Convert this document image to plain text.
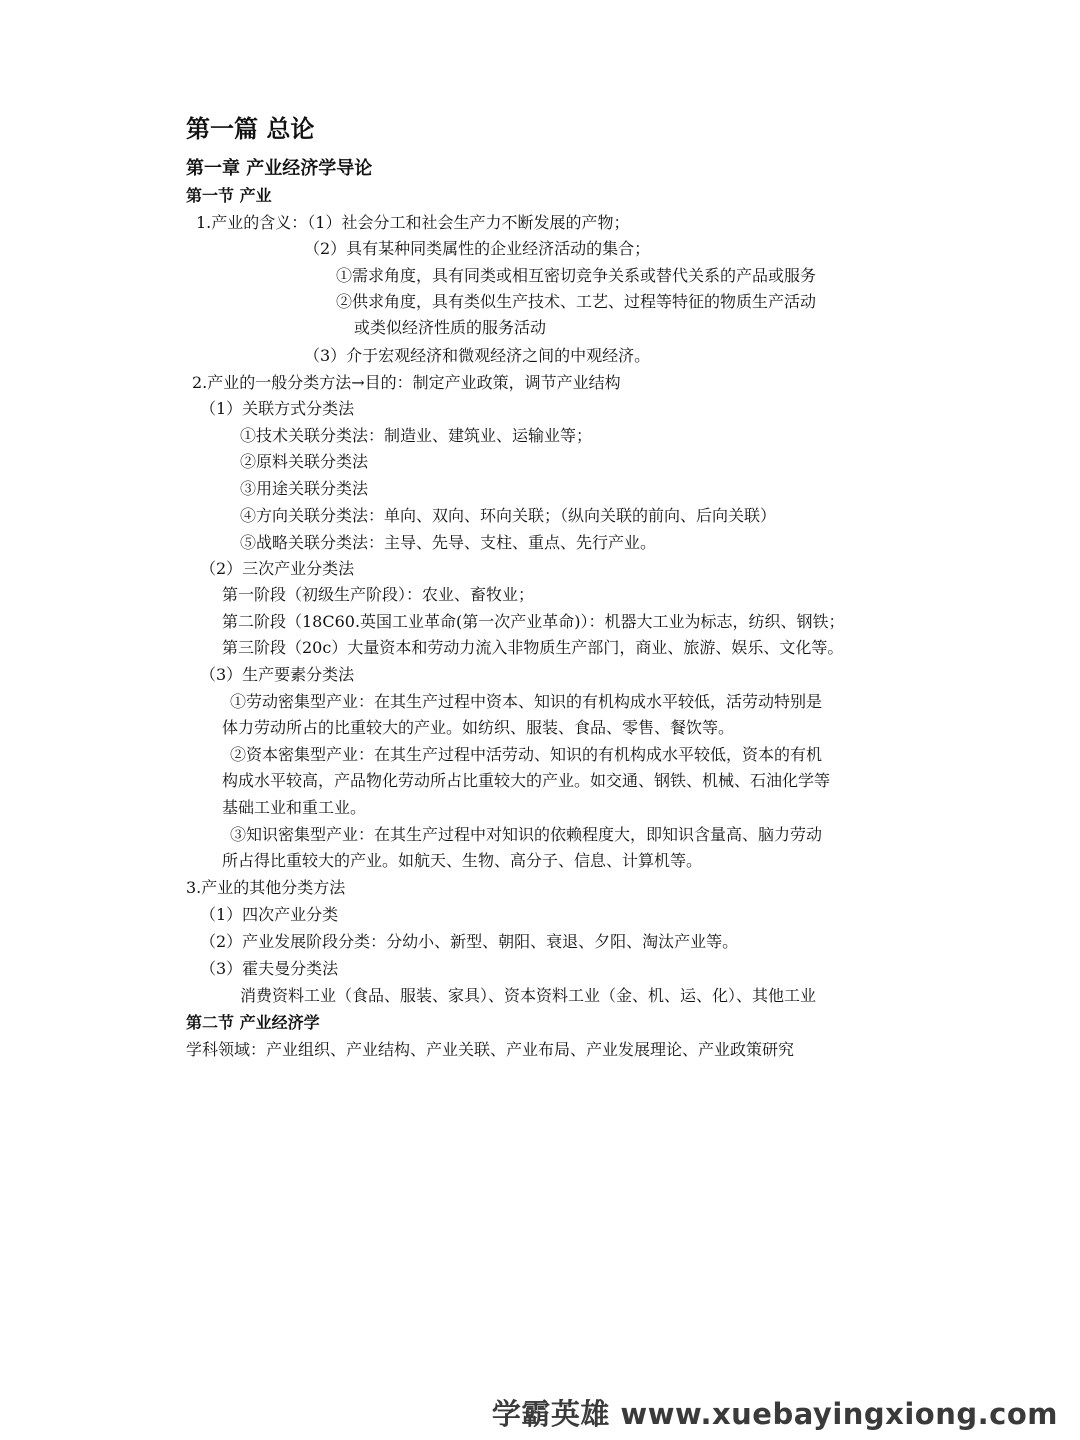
第一篇 总论
第一章 产业经济学导论
第一节 产业
1.产业的含义：（1）社会分工和社会生产力不断发展的产物；
（2）具有某种同类属性的企业经济活动的集合；
①需求角度，具有同类或相互密切竞争关系或替代关系的产品或服务
②供求角度，具有类似生产技术、工艺、过程等特征的物质生产活动
或类似经济性质的服务活动
（3）介于宏观经济和微观经济之间的中观经济。
2.产业的一般分类方法→目的：制定产业政策，调节产业结构
（1）关联方式分类法
①技术关联分类法：制造业、建筑业、运输业等；
②原料关联分类法
③用途关联分类法
④方向关联分类法：单向、双向、环向关联；（纵向关联的前向、后向关联）
⑤战略关联分类法：主导、先导、支柱、重点、先行产业。
（2）三次产业分类法
第一阶段（初级生产阶段）：农业、畜牧业；
第二阶段（18C60.英国工业革命(第一次产业革命)）：机器大工业为标志，纺织、钢铁；
第三阶段（20c）大量资本和劳动力流入非物质生产部门，商业、旅游、娱乐、文化等。
（3）生产要素分类法
①劳动密集型产业：在其生产过程中资本、知识的有机构成水平较低，活劳动特别是
体力劳动所占的比重较大的产业。如纺织、服装、食品、零售、餐饮等。
②资本密集型产业：在其生产过程中活劳动、知识的有机构成水平较低，资本的有机
构成水平较高，产品物化劳动所占比重较大的产业。如交通、钢铁、机械、石油化学等
基础工业和重工业。
③知识密集型产业：在其生产过程中对知识的依赖程度大，即知识含量高、脑力劳动
所占得比重较大的产业。如航天、生物、高分子、信息、计算机等。
3.产业的其他分类方法
（1）四次产业分类
（2）产业发展阶段分类：分幼小、新型、朝阳、衰退、夕阳、淘汰产业等。
（3）霍夫曼分类法
消费资料工业（食品、服装、家具）、资本资料工业（金、机、运、化）、其他工业
第二节 产业经济学
学科领域：产业组织、产业结构、产业关联、产业布局、产业发展理论、产业政策研究
学霸英雄 www.xuebayingxiong.com
